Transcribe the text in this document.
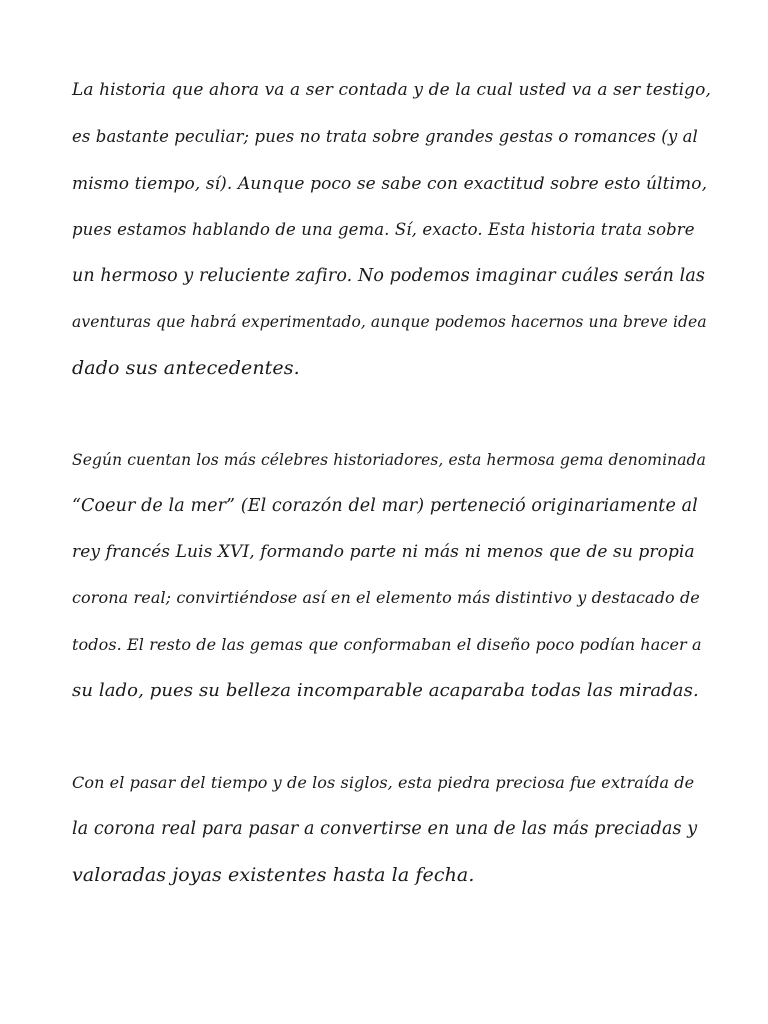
La historia que ahora va a ser contada y de la cual usted va a ser testigo,
es bastante peculiar; pues no trata sobre grandes gestas o romances (y al
mismo tiempo, sí). Aunque poco se sabe con exactitud sobre esto último,
pues estamos hablando de una gema. Sí, exacto. Esta historia trata sobre
un hermoso y reluciente zafiro. No podemos imaginar cuáles serán las
aventuras que habrá experimentado, aunque podemos hacernos una breve idea
dado sus antecedentes.
Según cuentan los más célebres historiadores, esta hermosa gema denominada
“Coeur de la mer” (El corazón del mar) perteneció originariamente al
rey francés Luis XVI, formando parte ni más ni menos que de su propia
corona real; convirtiéndose así en el elemento más distintivo y destacado de
todos. El resto de las gemas que conformaban el diseño poco podían hacer a
su lado, pues su belleza incomparable acaparaba todas las miradas.
Con el pasar del tiempo y de los siglos, esta piedra preciosa fue extraída de
la corona real para pasar a convertirse en una de las más preciadas y
valoradas joyas existentes hasta la fecha.
